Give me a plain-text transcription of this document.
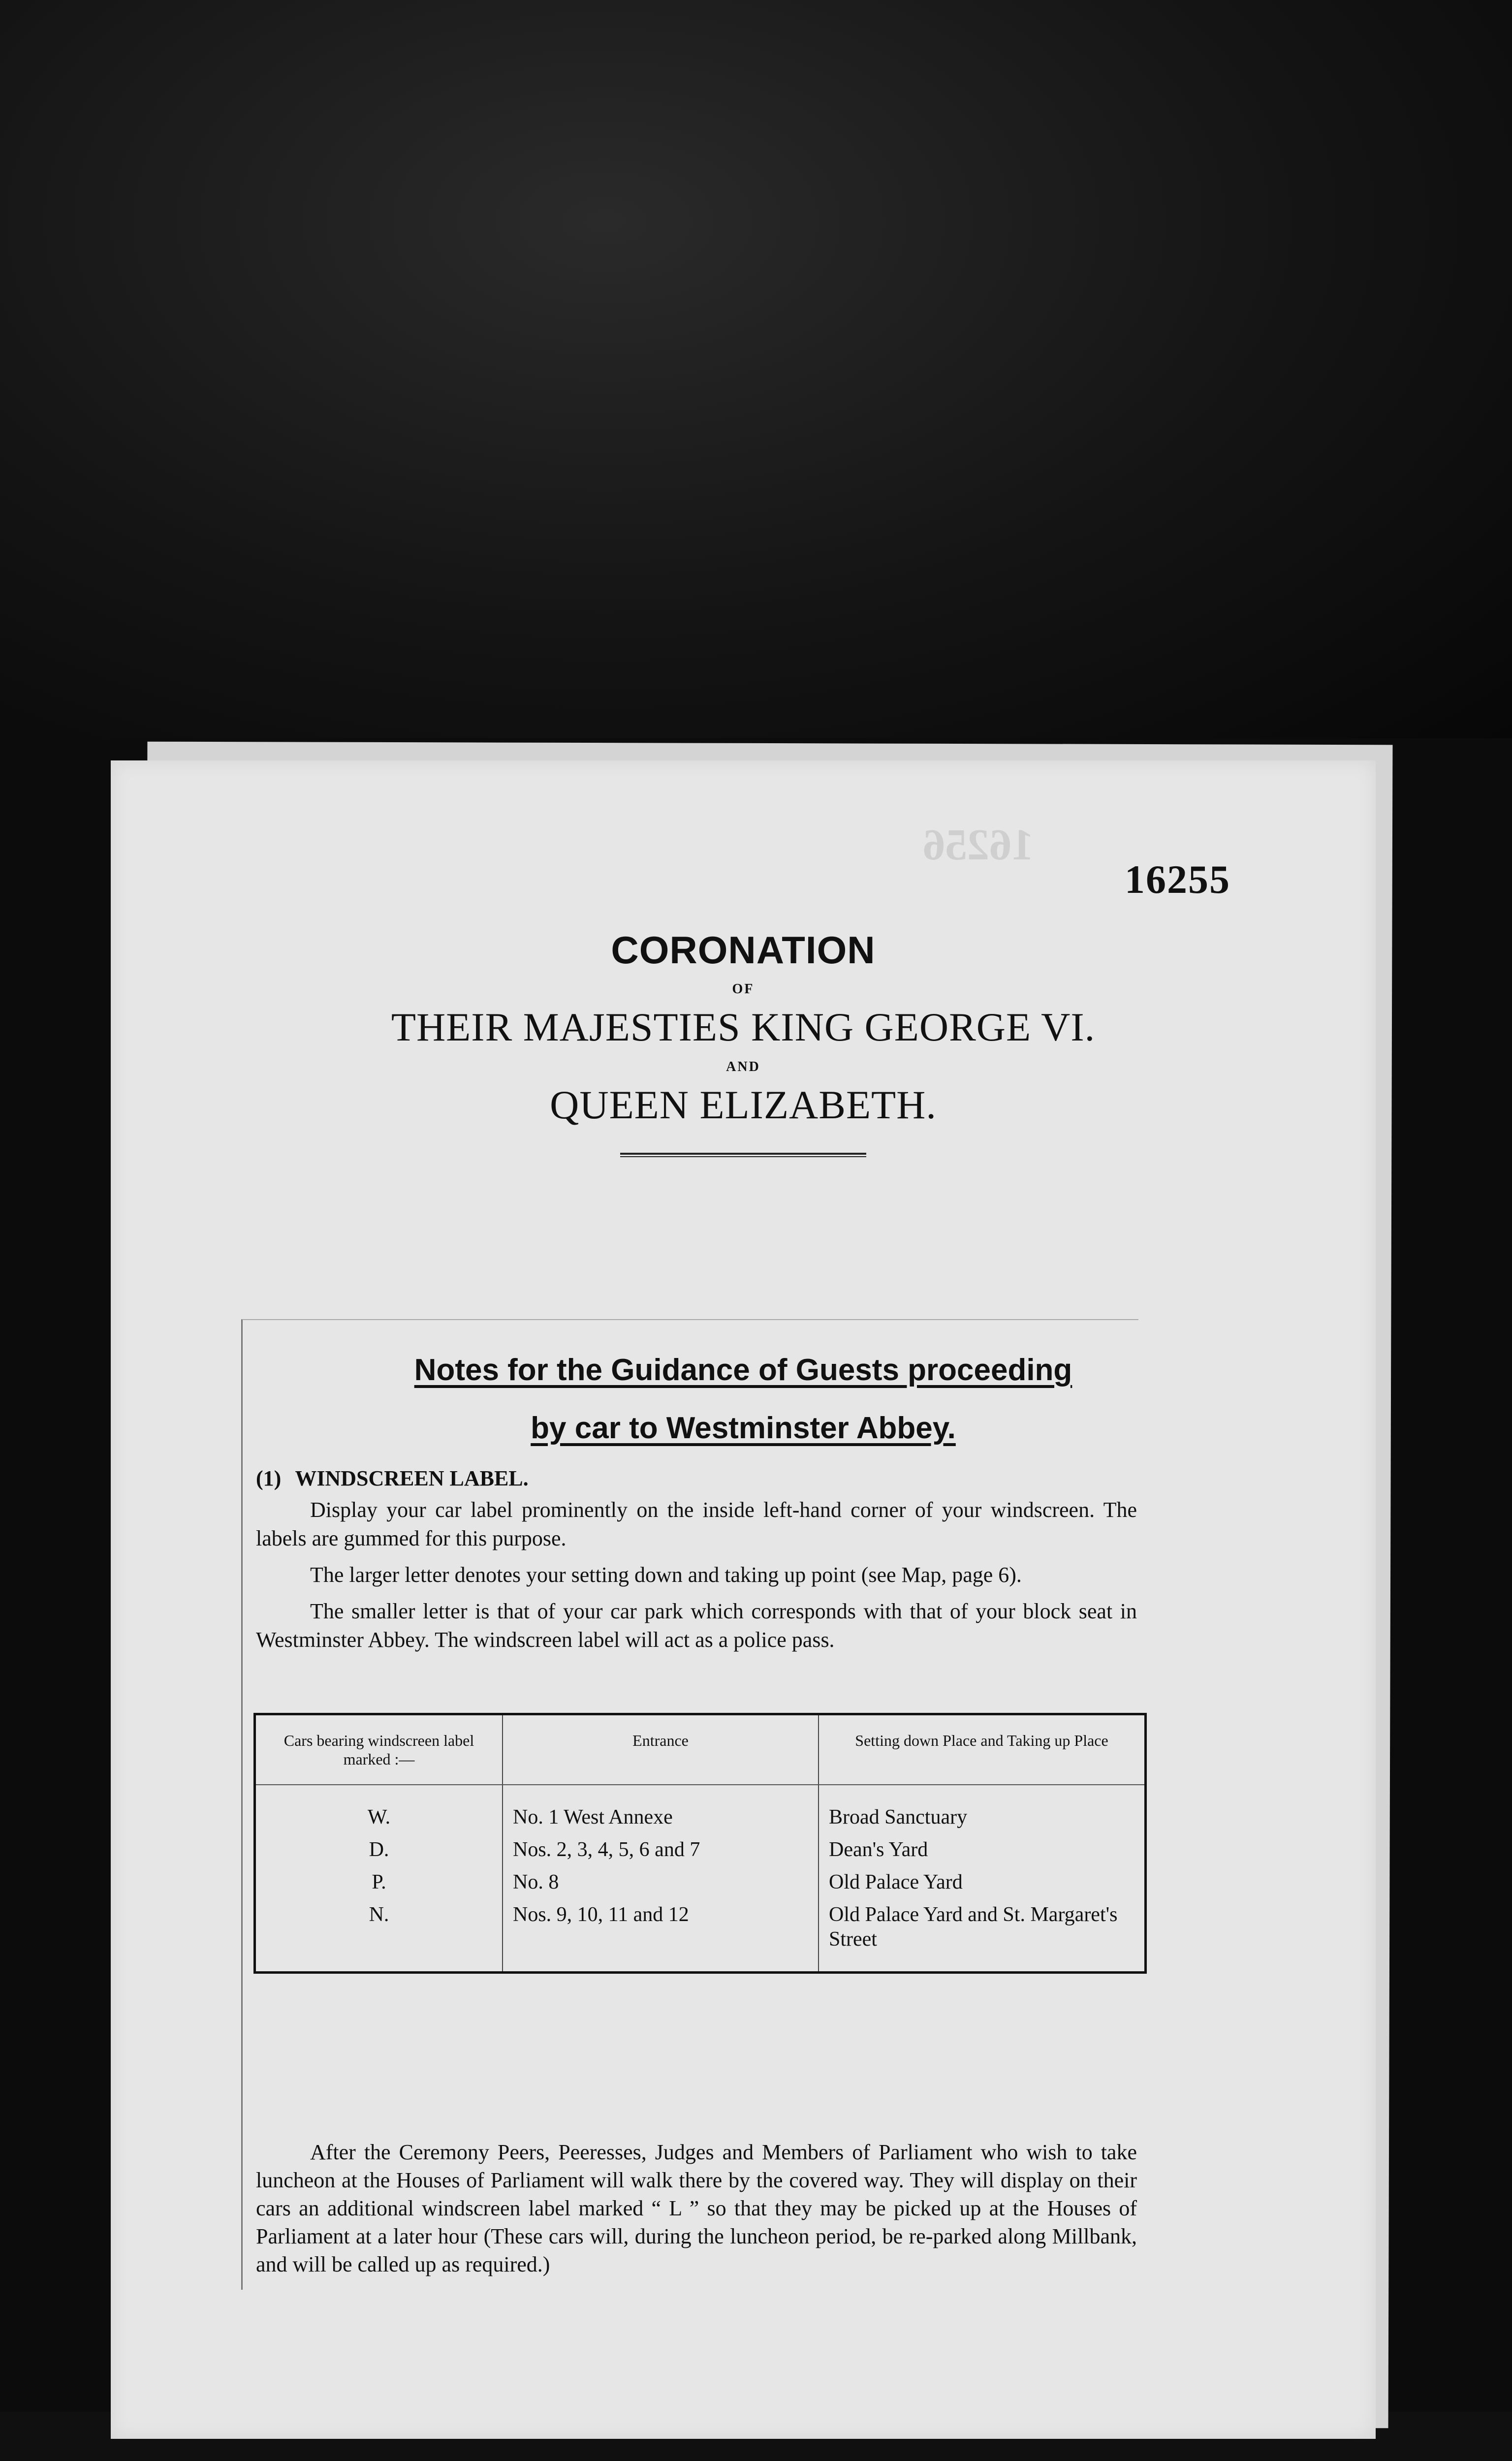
16256
16255
CORONATION
OF
THEIR MAJESTIES KING GEORGE VI.
AND
QUEEN ELIZABETH.
Notes for the Guidance of Guests proceeding
by car to Westminster Abbey.
(1) WINDSCREEN LABEL.

Display your car label prominently on the inside left-hand corner of your windscreen. The labels are gummed for this purpose.

The larger letter denotes your setting down and taking up point (see Map, page 6).

The smaller letter is that of your car park which corresponds with that of your block seat in Westminster Abbey. The windscreen label will act as a police pass.

Cars bearing windscreen label marked :—	Entrance	Setting down Place and Taking up Place
W.	No. 1 West Annexe	Broad Sanctuary
D.	Nos. 2, 3, 4, 5, 6 and 7	Dean's Yard
P.	No. 8	Old Palace Yard
N.	Nos. 9, 10, 11 and 12	Old Palace Yard and St. Margaret's Street

After the Ceremony Peers, Peeresses, Judges and Members of Parliament who wish to take luncheon at the Houses of Parliament will walk there by the covered way. They will display on their cars an additional windscreen label marked “ L ” so that they may be picked up at the Houses of Parliament at a later hour (These cars will, during the luncheon period, be re-parked along Millbank, and will be called up as required.)
